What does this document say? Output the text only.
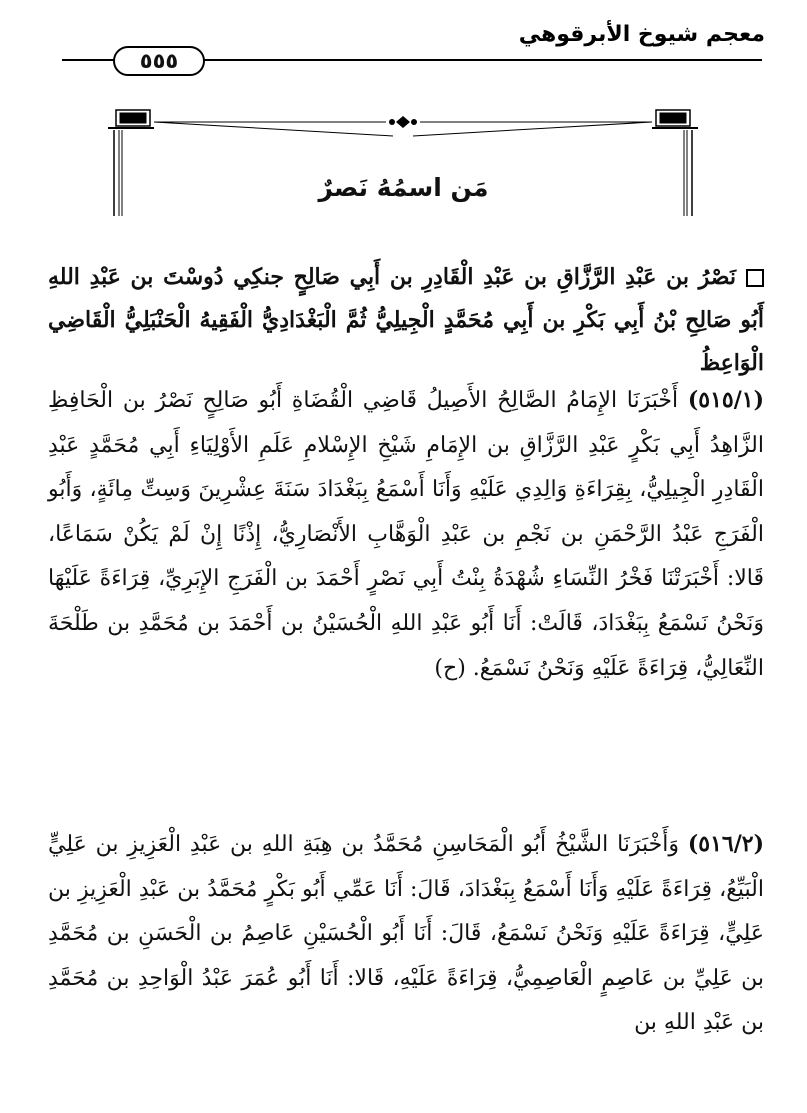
معجم شيوخ الأبرقوهي
٥٥٥
مَن اسمُهُ نَصرٌ
نَصْرُ بن عَبْدِ الرَّزَّاقِ بن عَبْدِ الْقَادِرِ بن أَبِي صَالِحٍ جنكِي دُوسْتَ بن عَبْدِ اللهِ أَبُو صَالِحِ بْنُ أَبِي بَكْرِ بن أَبِي مُحَمَّدٍ الْجِيلِيُّ ثُمَّ الْبَغْدَادِيُّ الْفَقِيهُ الْحَنْبَلِيُّ الْقَاضِي الْوَاعِظُ
(٥١٥/١) أَخْبَرَنَا الإِمَامُ الصَّالِحُ الأَصِيلُ قَاضِي الْقُضَاةِ أَبُو صَالِحٍ نَصْرُ بن الْحَافِظِ الزَّاهِدُ أَبِي بَكْرٍ عَبْدِ الرَّزَّاقِ بن الإِمَامِ شَيْخِ الإِسْلامِ عَلَمِ الأَوْلِيَاءِ أَبِي مُحَمَّدٍ عَبْدِ الْقَادِرِ الْجِيلِيُّ، بِقِرَاءَةِ وَالِدِي عَلَيْهِ وَأَنَا أَسْمَعُ بِبَغْدَادَ سَنَةَ عِشْرِينَ وَسِتِّ مِائَةٍ، وَأَبُو الْفَرَجِ عَبْدُ الرَّحْمَنِ بن نَجْمِ بن عَبْدِ الْوَهَّابِ الأَنْصَارِيُّ، إِذْنًا إِنْ لَمْ يَكُنْ سَمَاعًا، قَالا: أَخْبَرَتْنَا فَخْرُ النِّسَاءِ شُهْدَةُ بِنْتُ أَبِي نَصْرٍ أَحْمَدَ بن الْفَرَجِ الإِبَرِيِّ، قِرَاءَةً عَلَيْهَا وَنَحْنُ نَسْمَعُ بِبَغْدَادَ، قَالَتْ: أَنَا أَبُو عَبْدِ اللهِ الْحُسَيْنُ بن أَحْمَدَ بن مُحَمَّدِ بن طَلْحَةَ النِّعَالِيُّ، قِرَاءَةً عَلَيْهِ وَنَحْنُ نَسْمَعُ. (ح)
(٥١٦/٢) وَأَخْبَرَنَا الشَّيْخُ أَبُو الْمَحَاسِنِ مُحَمَّدُ بن هِبَةِ اللهِ بن عَبْدِ الْعَزِيزِ بن عَلِيٍّ الْبَيِّعُ، قِرَاءَةً عَلَيْهِ وَأَنَا أَسْمَعُ بِبَغْدَادَ، قَالَ: أَنَا عَمِّي أَبُو بَكْرٍ مُحَمَّدُ بن عَبْدِ الْعَزِيزِ بن عَلِيٍّ، قِرَاءَةً عَلَيْهِ وَنَحْنُ نَسْمَعُ، قَالَ: أَنَا أَبُو الْحُسَيْنِ عَاصِمُ بن الْحَسَنِ بن مُحَمَّدِ بن عَلِيِّ بن عَاصِمٍ الْعَاصِمِيُّ، قِرَاءَةً عَلَيْهِ، قَالا: أَنَا أَبُو عُمَرَ عَبْدُ الْوَاحِدِ بن مُحَمَّدِ بن عَبْدِ اللهِ بن
